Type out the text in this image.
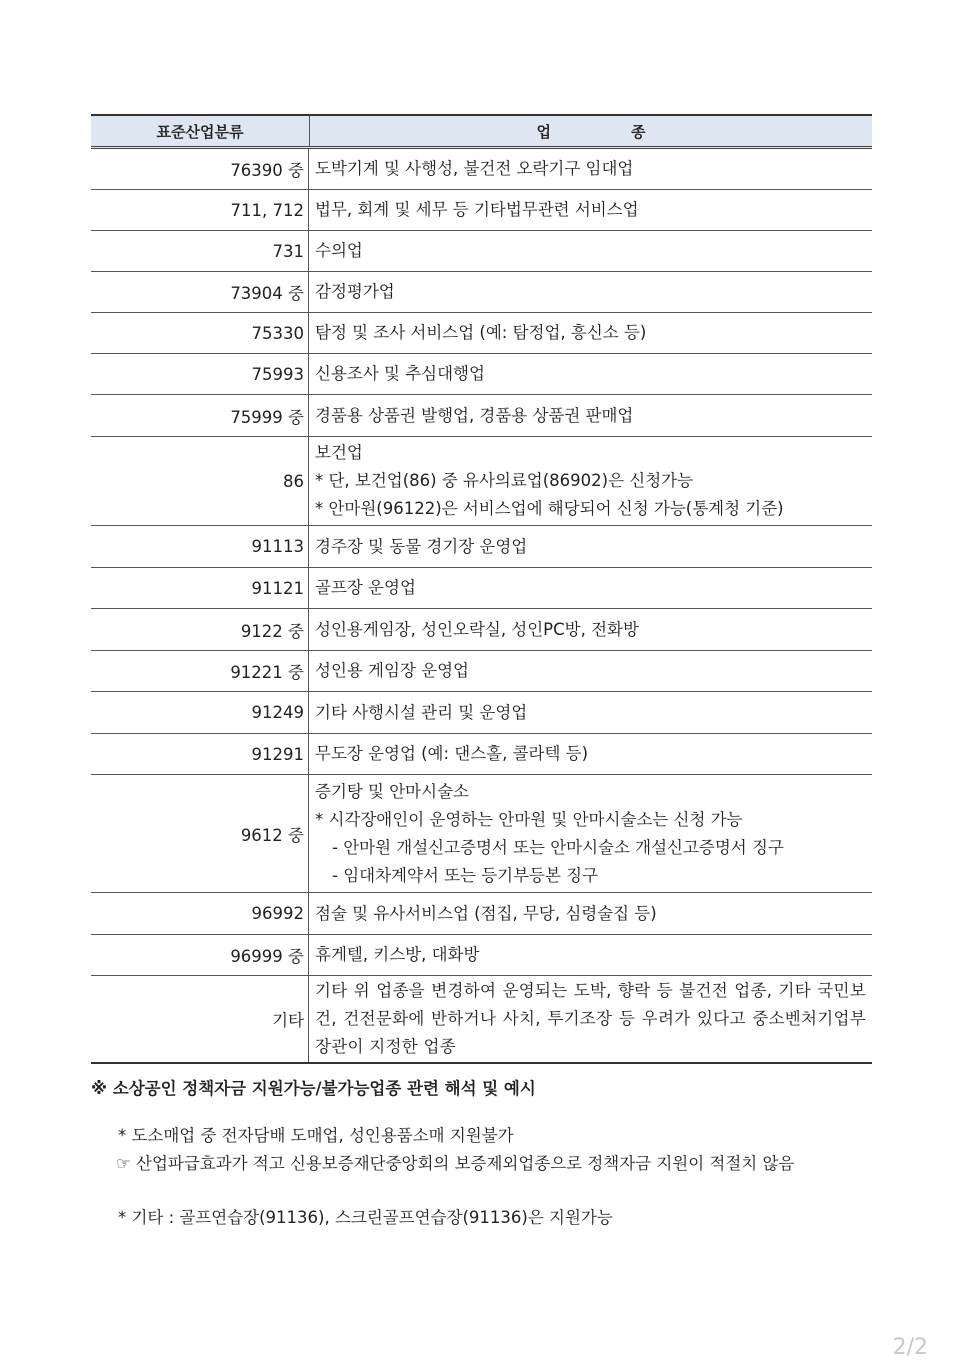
표준산업분류	업	종
76390 중 도박기계 및 사행성, 불건전 오락기구 임대업
711, 712 법무, 회계 및 세무 등 기타법무관련 서비스업
731 수의업
73904 중 감정평가업
75330 탐정 및 조사 서비스업 (예: 탐정업, 흥신소 등)
75993 신용조사 및 추심대행업
75999 중 경품용 상품권 발행업, 경품용 상품권 판매업
86
보건업
* 단, 보건업(86) 중 유사의료업(86902)은 신청가능
* 안마원(96122)은 서비스업에 해당되어 신청 가능(통계청 기준)
91113 경주장 및 동물 경기장 운영업
91121 골프장 운영업
9122 중 성인용게임장, 성인오락실, 성인PC방, 전화방
91221 중 성인용 게임장 운영업
91249 기타 사행시설 관리 및 운영업
91291 무도장 운영업 (예: 댄스홀, 콜라텍 등)
9612 중
증기탕 및 안마시술소
* 시각장애인이 운영하는 안마원 및 안마시술소는 신청 가능
- 안마원 개설신고증명서 또는 안마시술소 개설신고증명서 징구
- 임대차계약서 또는 등기부등본 징구
96992 점술 및 유사서비스업 (점집, 무당, 심령술집 등)
96999 중 휴게텔, 키스방, 대화방
기타
기타 위 업종을 변경하여 운영되는 도박, 향락 등 불건전 업종, 기타 국민보건, 건전문화에 반하거나 사치, 투기조장 등 우려가 있다고 중소벤처기업부 장관이 지정한 업종
※ 소상공인 정책자금 지원가능/불가능업종 관련 해석 및 예시
* 도소매업 중 전자담배 도매업, 성인용품소매 지원불가
☞ 산업파급효과가 적고 신용보증재단중앙회의 보증제외업종으로 정책자금 지원이 적절치 않음
* 기타 : 골프연습장(91136), 스크린골프연습장(91136)은 지원가능
2/2
